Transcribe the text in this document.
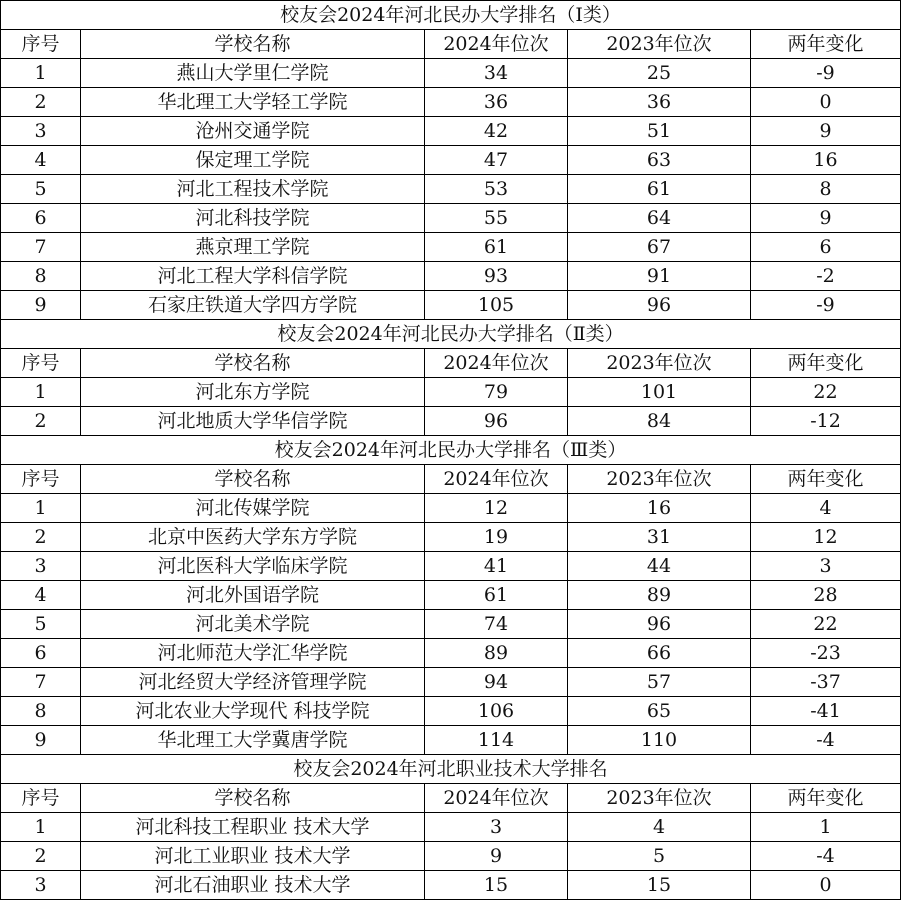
校友会2024年河北民办大学排名（Ⅰ类）				
序号	学校名称	2024年位次	2023年位次	两年变化
1	燕山大学里仁学院	34	25	-9
2	华北理工大学轻工学院	36	36	0
3	沧州交通学院	42	51	9
4	保定理工学院	47	63	16
5	河北工程技术学院	53	61	8
6	河北科技学院	55	64	9
7	燕京理工学院	61	67	6
8	河北工程大学科信学院	93	91	-2
9	石家庄铁道大学四方学院	105	96	-9
校友会2024年河北民办大学排名（Ⅱ类）				
序号	学校名称	2024年位次	2023年位次	两年变化
1	河北东方学院	79	101	22
2	河北地质大学华信学院	96	84	-12
校友会2024年河北民办大学排名（Ⅲ类）				
序号	学校名称	2024年位次	2023年位次	两年变化
1	河北传媒学院	12	16	4
2	北京中医药大学东方学院	19	31	12
3	河北医科大学临床学院	41	44	3
4	河北外国语学院	61	89	28
5	河北美术学院	74	96	22
6	河北师范大学汇华学院	89	66	-23
7	河北经贸大学经济管理学院	94	57	-37
8	河北农业大学现代 科技学院	106	65	-41
9	华北理工大学冀唐学院	114	110	-4
校友会2024年河北职业技术大学排名				
序号	学校名称	2024年位次	2023年位次	两年变化
1	河北科技工程职业 技术大学	3	4	1
2	河北工业职业 技术大学	9	5	-4
3	河北石油职业 技术大学	15	15	0
